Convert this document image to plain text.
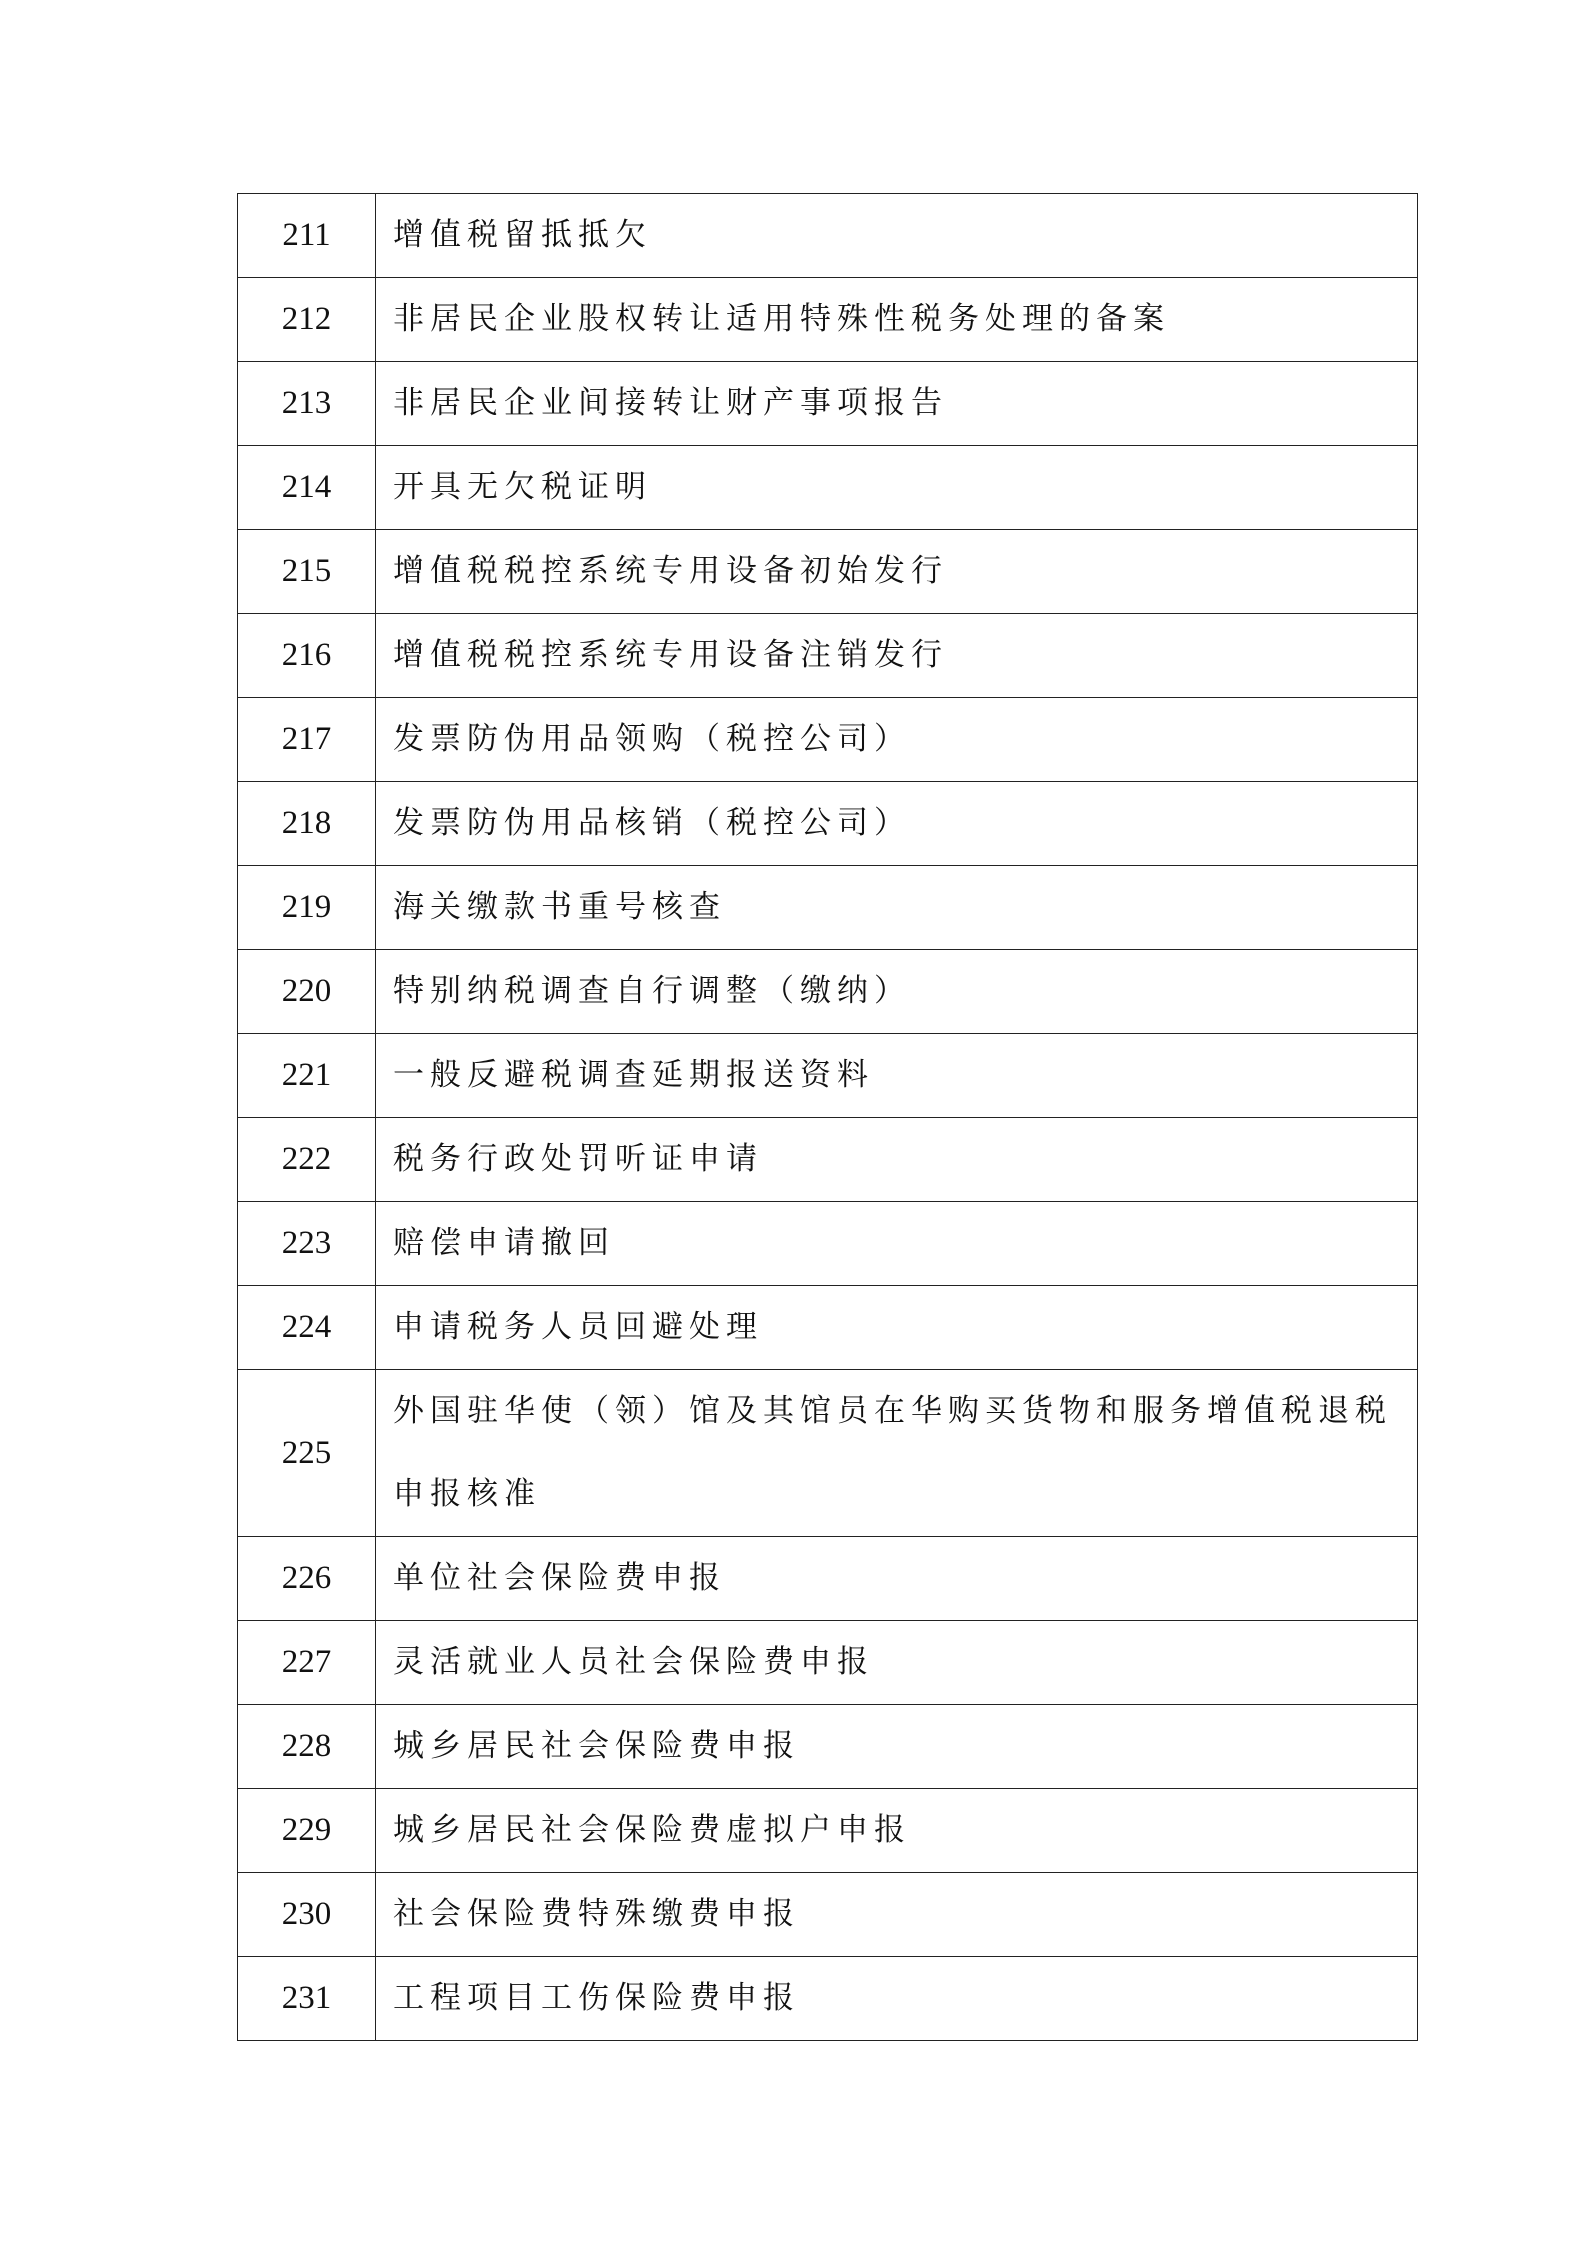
211	增值税留抵抵欠
212	非居民企业股权转让适用特殊性税务处理的备案
213	非居民企业间接转让财产事项报告
214	开具无欠税证明
215	增值税税控系统专用设备初始发行
216	增值税税控系统专用设备注销发行
217	发票防伪用品领购（税控公司）
218	发票防伪用品核销（税控公司）
219	海关缴款书重号核查
220	特别纳税调查自行调整（缴纳）
221	一般反避税调查延期报送资料
222	税务行政处罚听证申请
223	赔偿申请撤回
224	申请税务人员回避处理
225	外国驻华使（领）馆及其馆员在华购买货物和服务增值税退税申报核准
226	单位社会保险费申报
227	灵活就业人员社会保险费申报
228	城乡居民社会保险费申报
229	城乡居民社会保险费虚拟户申报
230	社会保险费特殊缴费申报
231	工程项目工伤保险费申报
